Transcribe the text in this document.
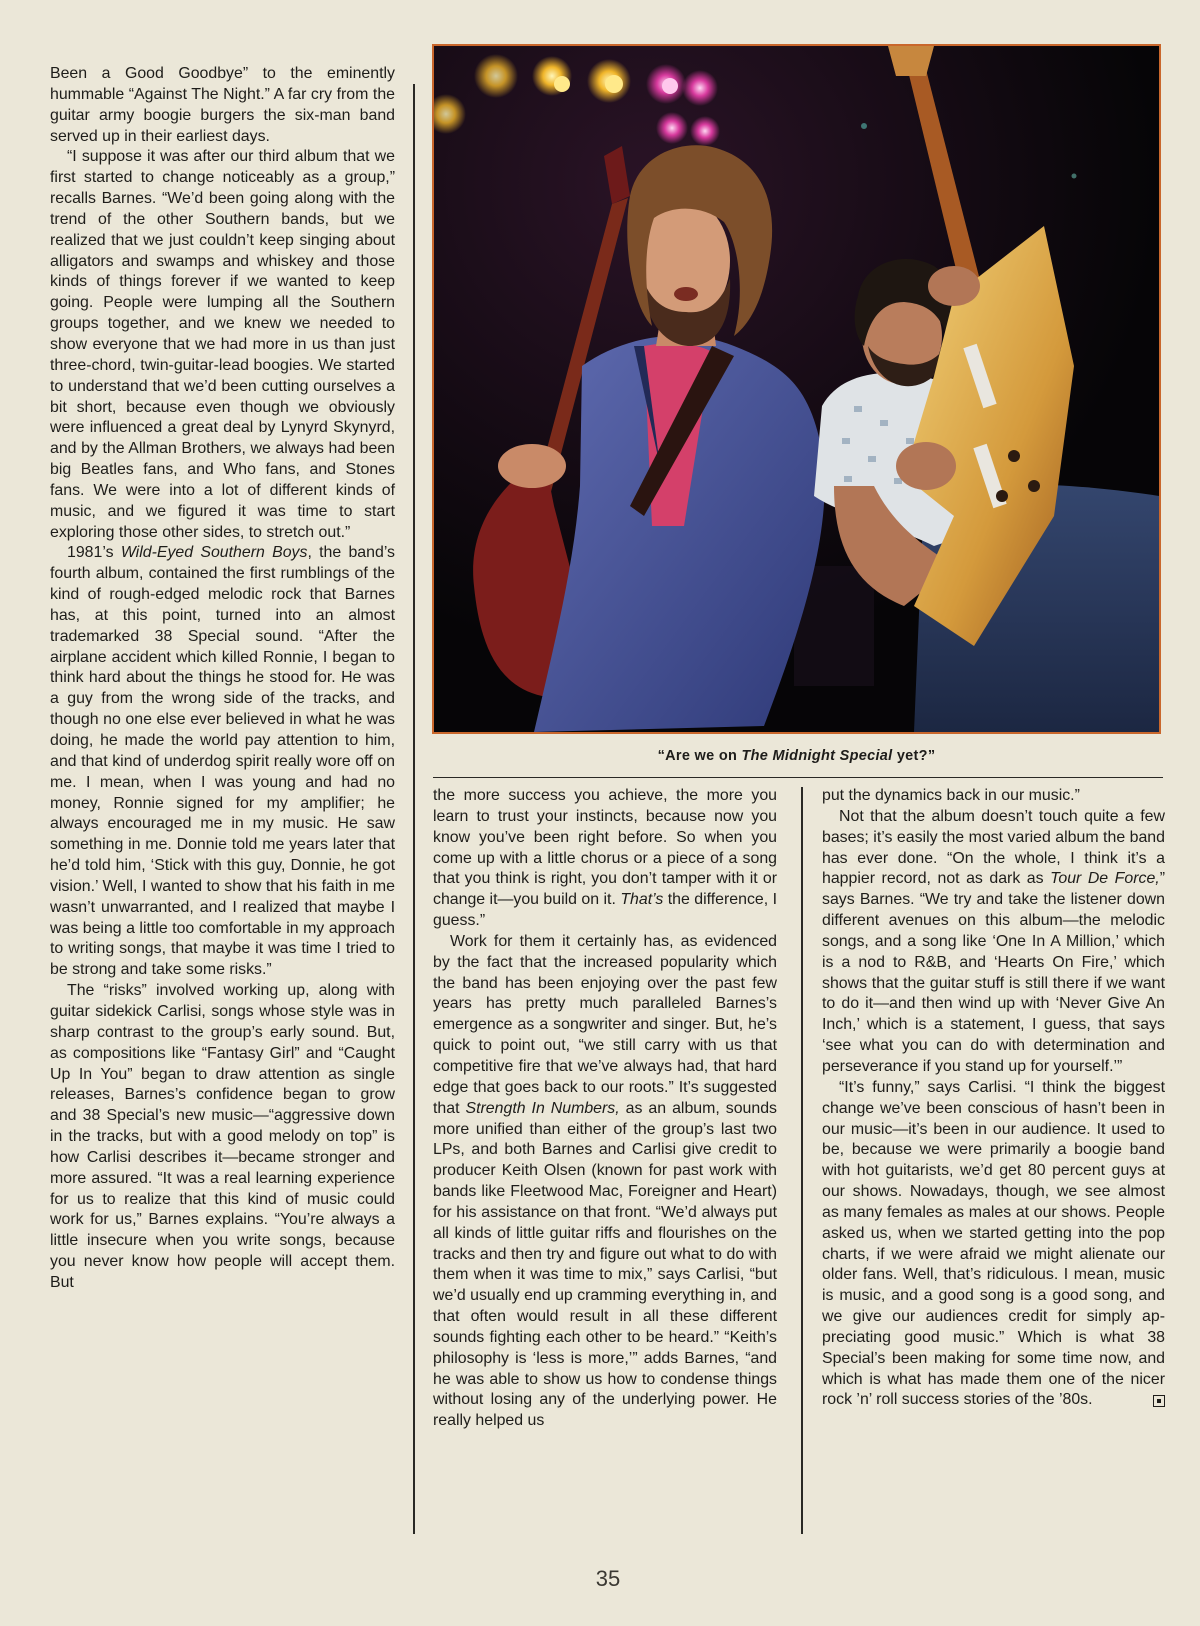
Been a Good Goodbye” to the eminently hummable “Against The Night.” A far cry from the guitar army boogie burgers the six-man band served up in their earliest days.

“I suppose it was after our third album that we first started to change noticeably as a group,” recalls Barnes. “We’d been going along with the trend of the other Southern bands, but we realized that we just couldn’t keep singing about alligators and swamps and whiskey and those kinds of things forever if we wanted to keep going. People were lumping all the Southern groups together, and we knew we needed to show everyone that we had more in us than just three-chord, twin-guitar-lead boogies. We started to understand that we’d been cutting ourselves a bit short, because even though we obviously were influenced a great deal by Lynyrd Skynyrd, and by the Allman Brothers, we always had been big Beatles fans, and Who fans, and Stones fans. We were into a lot of different kinds of music, and we figured it was time to start exploring those other sides, to stretch out.”

1981’s Wild-Eyed Southern Boys, the band’s fourth album, contained the first rumblings of the kind of rough-edged melodic rock that Barnes has, at this point, turned into an almost trademarked 38 Special sound. “After the airplane accident which killed Ronnie, I began to think hard about the things he stood for. He was a guy from the wrong side of the tracks, and though no one else ever believed in what he was doing, he made the world pay attention to him, and that kind of underdog spirit really wore off on me. I mean, when I was young and had no money, Ronnie signed for my amplifier; he always encouraged me in my music. He saw something in me. Donnie told me years later that he’d told him, ‘Stick with this guy, Donnie, he got vision.’ Well, I wanted to show that his faith in me wasn’t unwarranted, and I realized that maybe I was being a little too comfortable in my approach to writing songs, that maybe it was time I tried to be strong and take some risks.”

The “risks” involved working up, along with guitar sidekick Carlisi, songs whose style was in sharp contrast to the group’s early sound. But, as compositions like “Fantasy Girl” and “Caught Up In You” began to draw attention as single releases, Barnes’s confidence began to grow and 38 Special’s new music—“aggressive down in the tracks, but with a good melody on top” is how Carlisi describes it—became stronger and more assured. “It was a real learning experience for us to realize that this kind of music could work for us,” Barnes explains. “You’re always a little insecure when you write songs, because you never know how people will accept them. But

“Are we on The Midnight Special yet?”

the more success you achieve, the more you learn to trust your instincts, because now you know you’ve been right before. So when you come up with a little chorus or a piece of a song that you think is right, you don’t tamper with it or change it—you build on it. That’s the difference, I guess.”

Work for them it certainly has, as evidenced by the fact that the increased popularity which the band has been enjoying over the past few years has pretty much paralleled Barnes’s emergence as a songwriter and singer. But, he’s quick to point out, “we still carry with us that competitive fire that we’ve always had, that hard edge that goes back to our roots.” It’s suggested that Strength In Numbers, as an album, sounds more unified than either of the group’s last two LPs, and both Barnes and Carlisi give credit to producer Keith Olsen (known for past work with bands like Fleetwood Mac, Foreigner and Heart) for his assistance on that front. “We’d always put all kinds of little guitar riffs and flourishes on the tracks and then try and figure out what to do with them when it was time to mix,” says Carlisi, “but we’d usually end up cramming everything in, and that often would result in all these different sounds fighting each other to be heard.” “Keith’s philosophy is ‘less is more,’” adds Barnes, “and he was able to show us how to condense things without losing any of the underlying power. He really helped us

put the dynamics back in our music.”

Not that the album doesn’t touch quite a few bases; it’s easily the most varied album the band has ever done. “On the whole, I think it’s a happier record, not as dark as Tour De Force,” says Barnes. “We try and take the listener down different avenues on this album—the melodic songs, and a song like ‘One In A Million,’ which is a nod to R&B, and ‘Hearts On Fire,’ which shows that the guitar stuff is still there if we want to do it—and then wind up with ‘Never Give An Inch,’ which is a statement, I guess, that says ‘see what you can do with determination and perseverance if you stand up for yourself.’”

“It’s funny,” says Carlisi. “I think the biggest change we’ve been conscious of hasn’t been in our music—it’s been in our audience. It used to be, because we were primarily a boogie band with hot guitarists, we’d get 80 percent guys at our shows. Nowadays, though, we see almost as many females as males at our shows. People asked us, when we started getting into the pop charts, if we were afraid we might alienate our older fans. Well, that’s ridiculous. I mean, music is music, and a good song is a good song, and we give our audiences credit for simply appreciating good music.” Which is what 38 Special’s been making for some time now, and which is what has made them one of the nicer rock ’n’ roll success stories of the ’80s.

35
